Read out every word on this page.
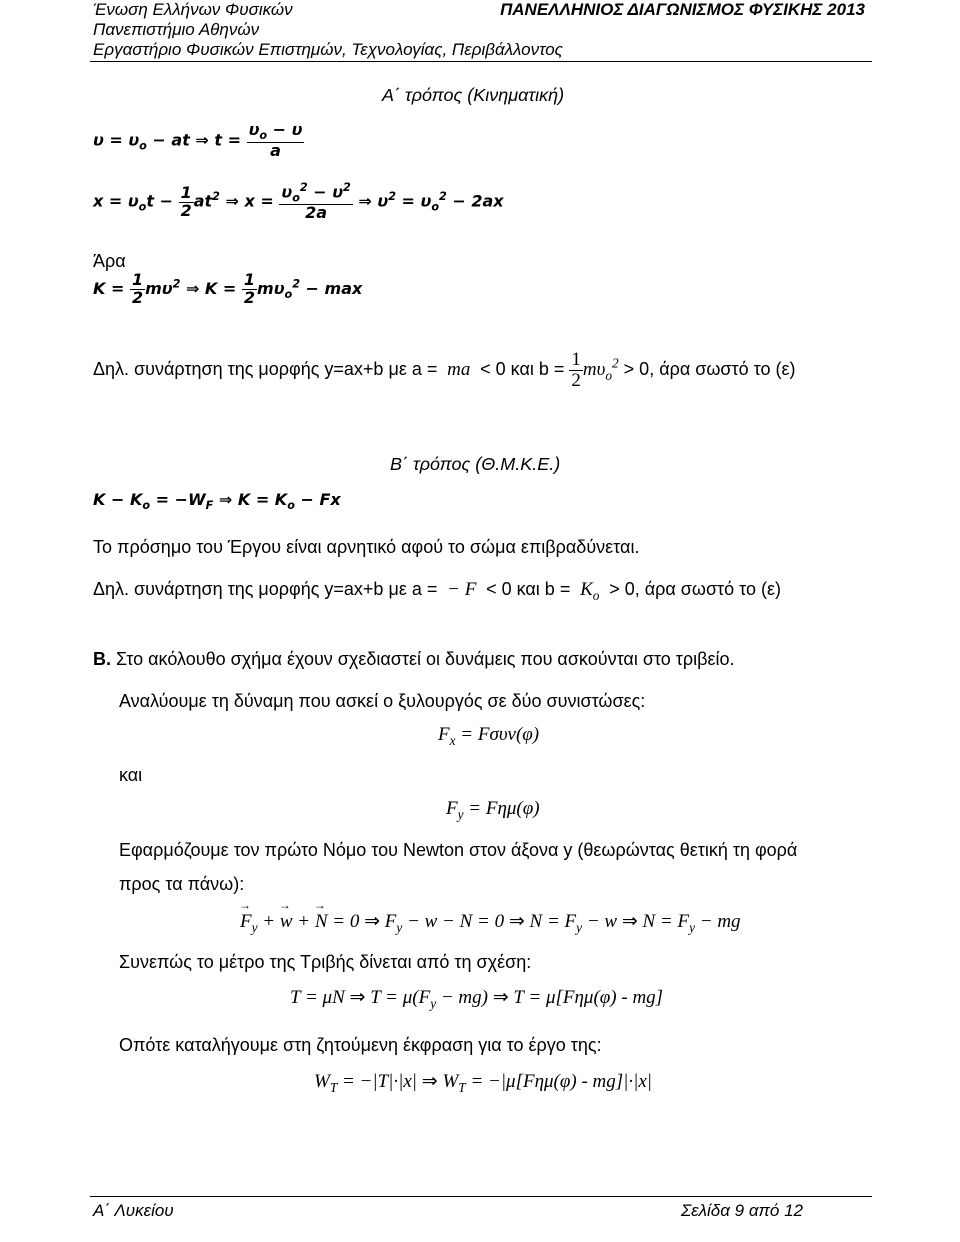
Ένωση Ελλήνων Φυσικών
Πανεπιστήμιο Αθηνών
Εργαστήριο Φυσικών Επιστημών, Τεχνολογίας, Περιβάλλοντος
ΠΑΝΕΛΛΗΝΙΟΣ ΔΙΑΓΩΝΙΣΜΟΣ ΦΥΣΙΚΗΣ 2013
Α΄ τρόπος (Κινηματική)
$\upsilon = \upsilon_o$ − at ⇒ $t = \frac{\upsilon_o - \upsilon}{a}$
$x = \upsilon_ot - \frac{1}{2} at^2$ ⇒ $x = \frac{\upsilon_o^2 - \upsilon^2}{2a}$ ⇒ $\upsilon^2 = \upsilon_o^2 - 2ax$
Άρα
$K = \frac{1}{2} m\upsilon^2$ ⇒ $K = \frac{1}{2} m\upsilon_o^2 - \max$
Δηλ. συνάρτηση της μορφής y=ax+b με a =  ma  < 0 και $b = \frac{1}{2} m\upsilon_o^2 > 0$, άρα σωστό το (ε)
Β΄ τρόπος (Θ.Μ.Κ.Ε.)
$K - K_o = -W_F$ ⇒ $K = K_o - Fx$
Το πρόσημο του Έργου είναι αρνητικό αφού το σώμα επιβραδύνεται.
Δηλ. συνάρτηση της μορφής y=ax+b με a =  − F  < 0 και $b = K_o > 0$, άρα σωστό το (ε)
Β. Στο ακόλουθο σχήμα έχουν σχεδιαστεί οι δυνάμεις που ασκούνται στο τριβείο.
Αναλύουμε τη δύναμη που ασκεί ο ξυλουργός σε δύο συνιστώσες:
$F_x = F\sigma\upsilon\nu(\varphi)$
και
$F_y = F\eta\mu(\varphi)$
Εφαρμόζουμε τον πρώτο Νόμο του Newton στον άξονα y (θεωρώντας θετική τη φορά
προς τα πάνω):
→ $F_y$ + → w + → N = 0 ⇒ $F_y - w - N = 0$ ⇒ $N = F_y - w$ ⇒ $N = F_y$ − mg
Συνεπώς το μέτρο της Τριβής δίνεται από τη σχέση:
T = μN ⇒ $T = \mu(F_y - mg)$ ⇒ T = μ[Fημ(φ) - mg]
Οπότε καταλήγουμε στη ζητούμενη έκφραση για το έργο της:
$W_T = -|T|\cdot|x|$ ⇒ $W_T = -|\mu[F\eta\mu(\varphi) - mg]|\cdot|x|$
Α΄ Λυκείου	Σελίδα 9 από 12
